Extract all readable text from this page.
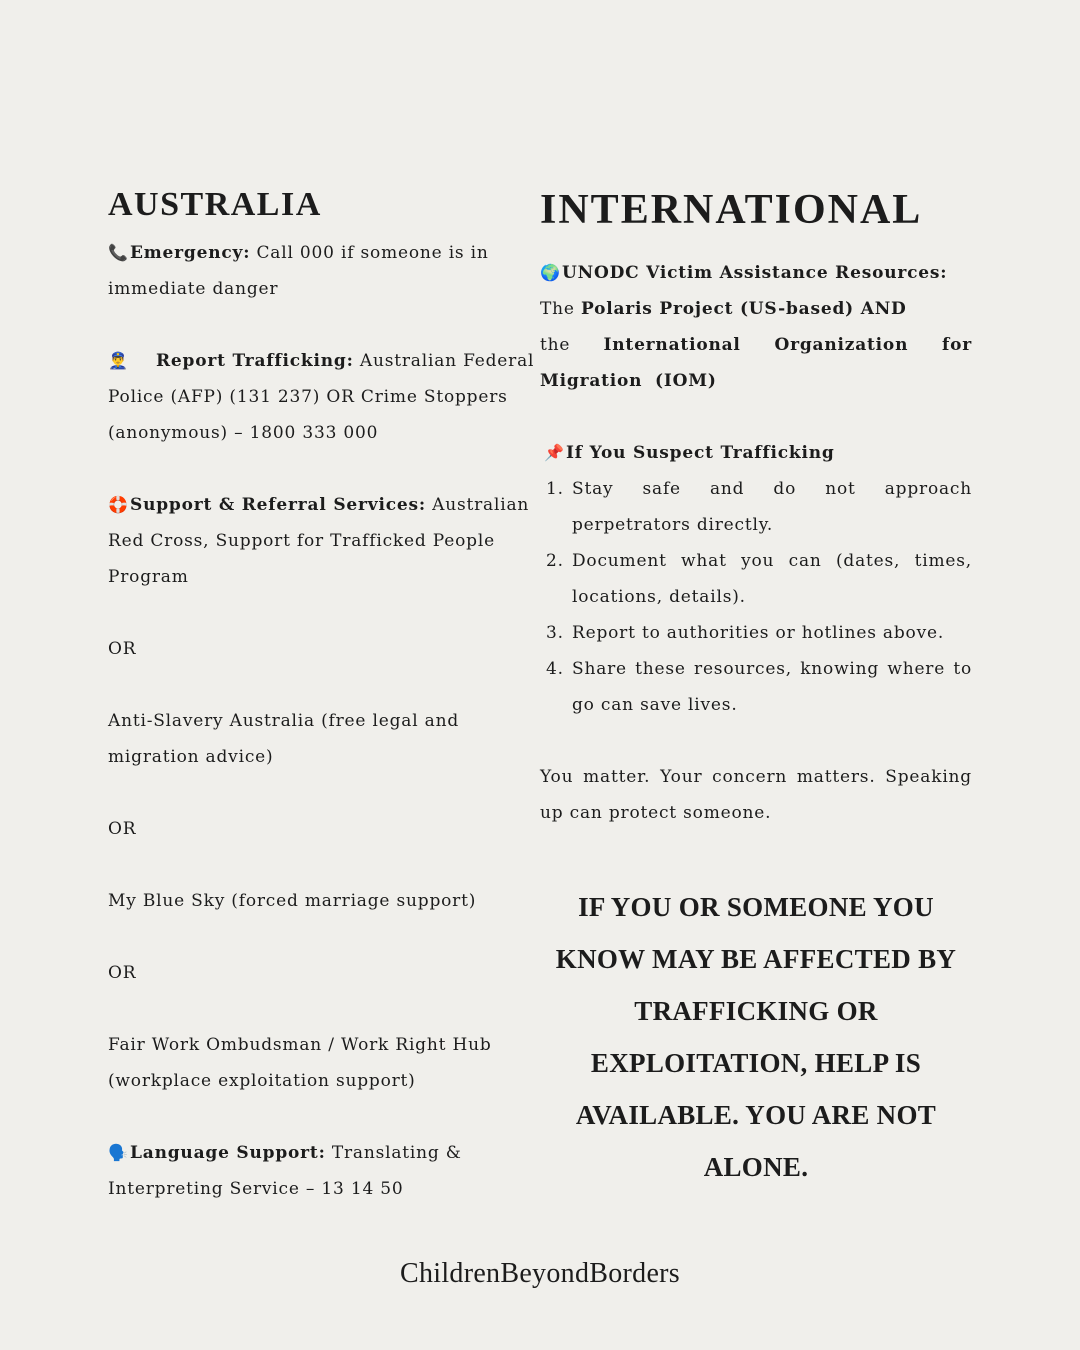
AUSTRALIA

📞Emergency: Call 000 if someone is in immediate danger

👮‍♂️ Report Trafficking: Australian Federal Police (AFP) (131 237) OR Crime Stoppers (anonymous) – 1800 333 000

🛟Support & Referral Services: Australian Red Cross, Support for Trafficked People Program

OR

Anti-Slavery Australia (free legal and migration advice)

OR

My Blue Sky (forced marriage support)

OR

Fair Work Ombudsman / Work Right Hub (workplace exploitation support)

🗣️Language Support: Translating & Interpreting Service – 13 14 50

INTERNATIONAL

🌍UNODC Victim Assistance Resources:

The Polaris Project (US-based) AND

the International Organization for Migration (IOM)

📌If You Suspect Trafficking

1. Stay safe and do not approach perpetrators directly.
2. Document what you can (dates, times, locations, details).
3. Report to authorities or hotlines above.
4. Share these resources, knowing where to go can save lives.

You matter. Your concern matters. Speaking up can protect someone.

IF YOU OR SOMEONE YOU KNOW MAY BE AFFECTED BY TRAFFICKING OR EXPLOITATION, HELP IS AVAILABLE. YOU ARE NOT ALONE.

ChildrenBeyondBorders
